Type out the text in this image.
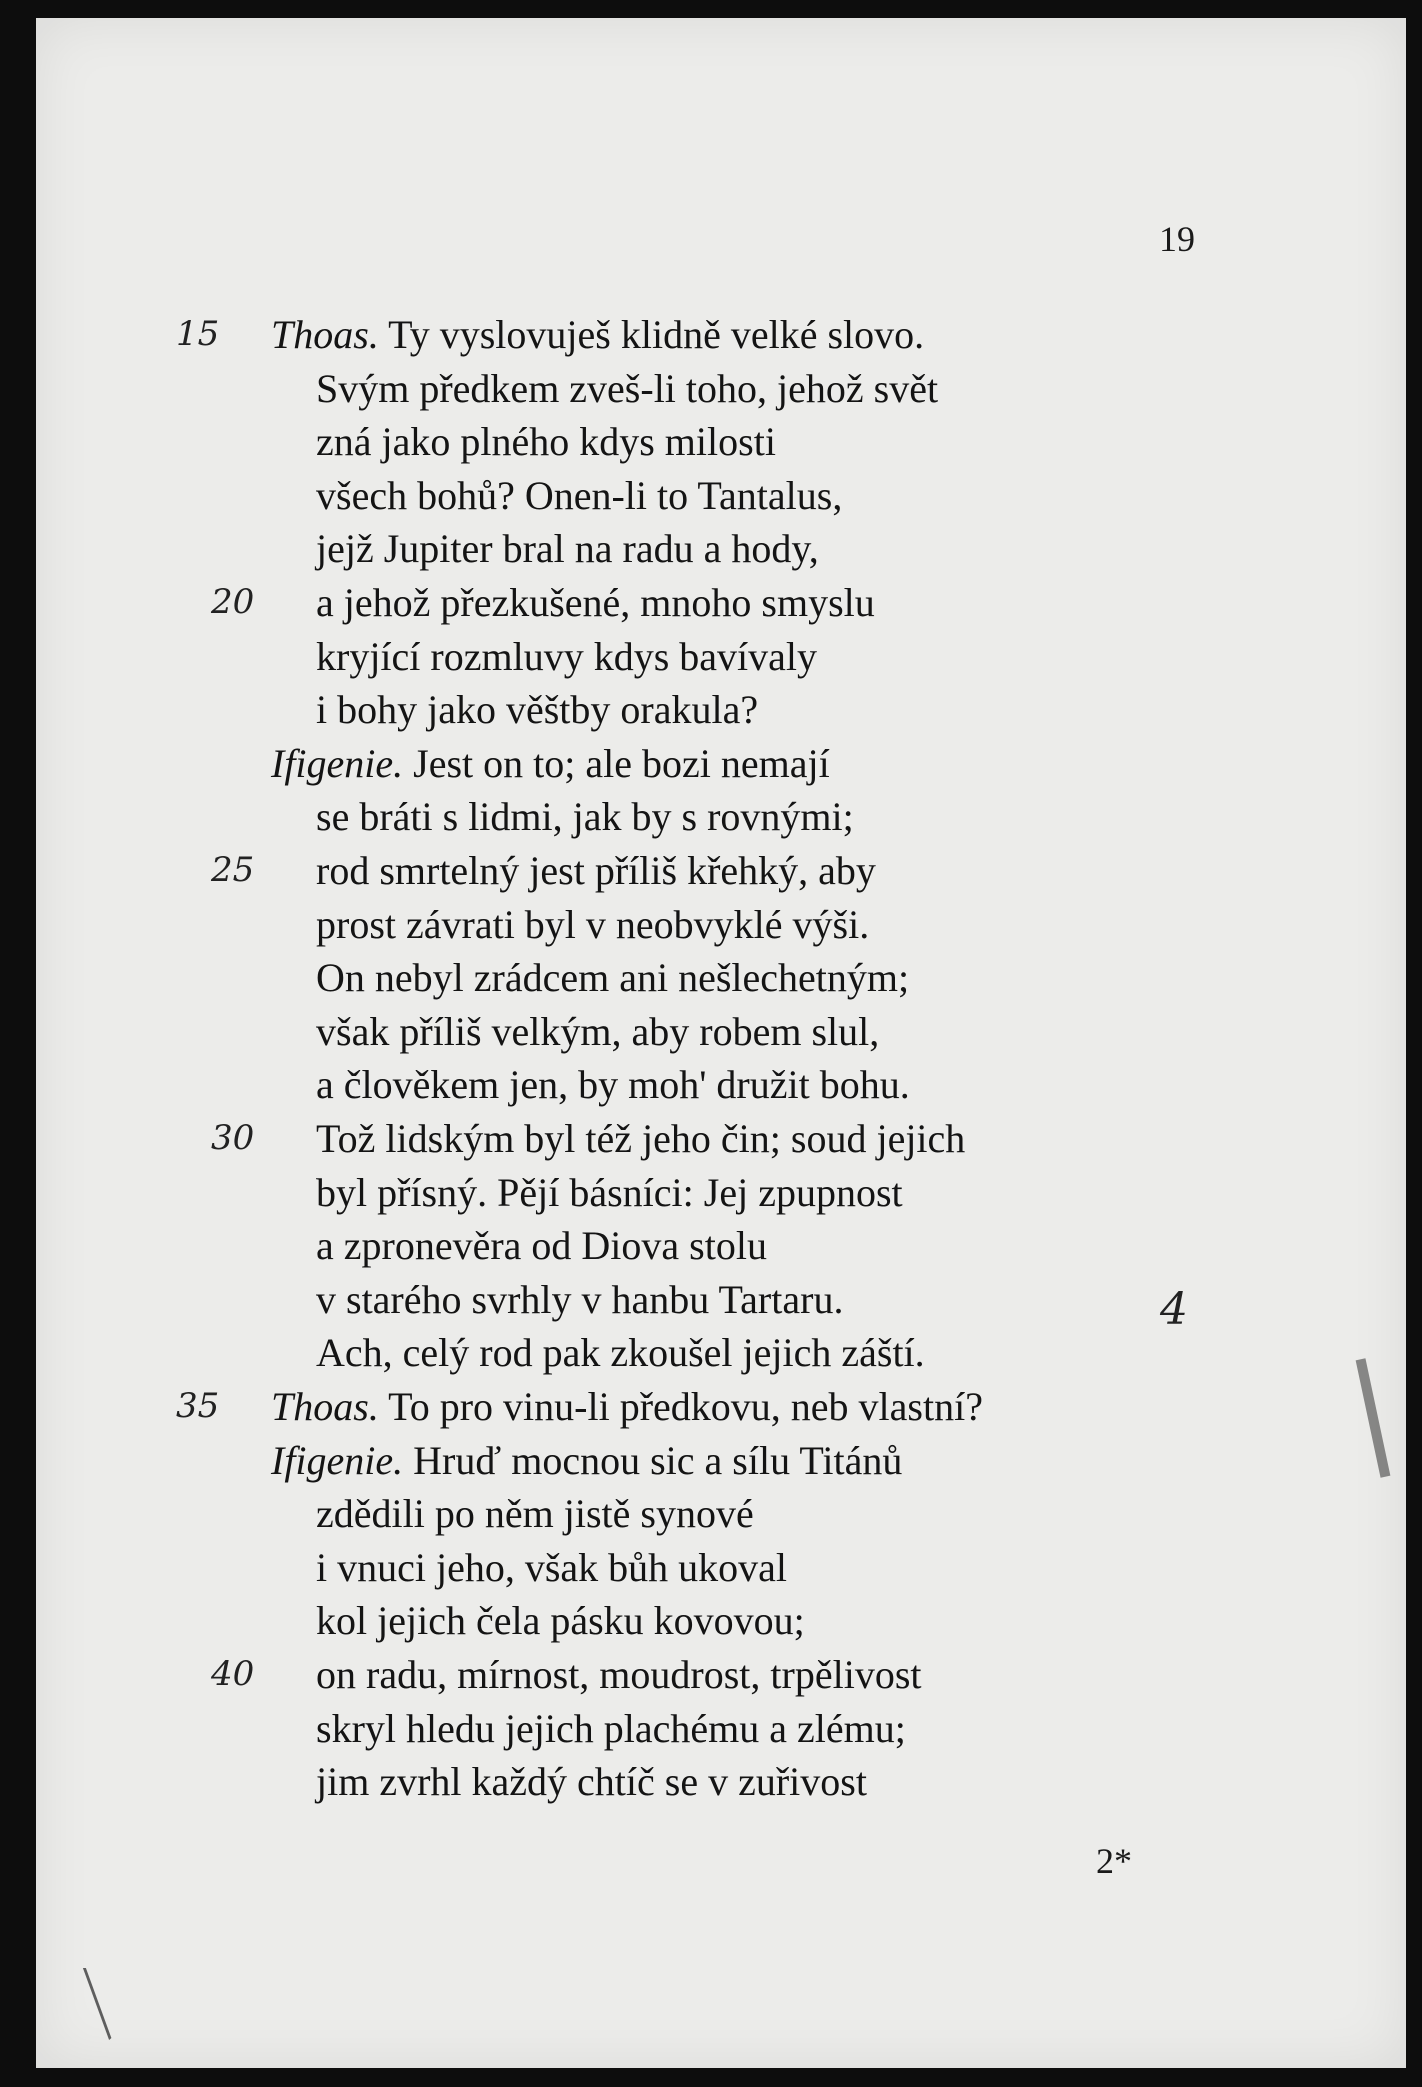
19
15 Thoas. Ty vyslovuješ klidně velké slovo.
Svým předkem zveš-li toho, jehož svět
zná jako plného kdys milosti
všech bohů? Onen-li to Tantalus,
jejž Jupiter bral na radu a hody,
20 a jehož přezkušené, mnoho smyslu
kryjící rozmluvy kdys bavívaly
i bohy jako věštby orakula?
Ifigenie. Jest on to; ale bozi nemají
se bráti s lidmi, jak by s rovnými;
25 rod smrtelný jest příliš křehký, aby
prost závrati byl v neobvyklé výši.
On nebyl zrádcem ani nešlechetným;
však příliš velkým, aby robem slul,
a člověkem jen, by moh' družit bohu.
30 Tož lidským byl též jeho čin; soud jejich
byl přísný. Pějí básníci: Jej zpupnost
a zpronevěra od Diova stolu
v starého svrhly v hanbu Tartaru.
Ach, celý rod pak zkoušel jejich záští.
35 Thoas. To pro vinu-li předkovu, neb vlastní?
Ifigenie. Hruď mocnou sic a sílu Titánů
zdědili po něm jistě synové
i vnuci jeho, však bůh ukoval
kol jejich čela pásku kovovou;
40 on radu, mírnost, moudrost, trpělivost
skryl hledu jejich plachému a zlému;
jim zvrhl každý chtíč se v zuřivost
4
2*
